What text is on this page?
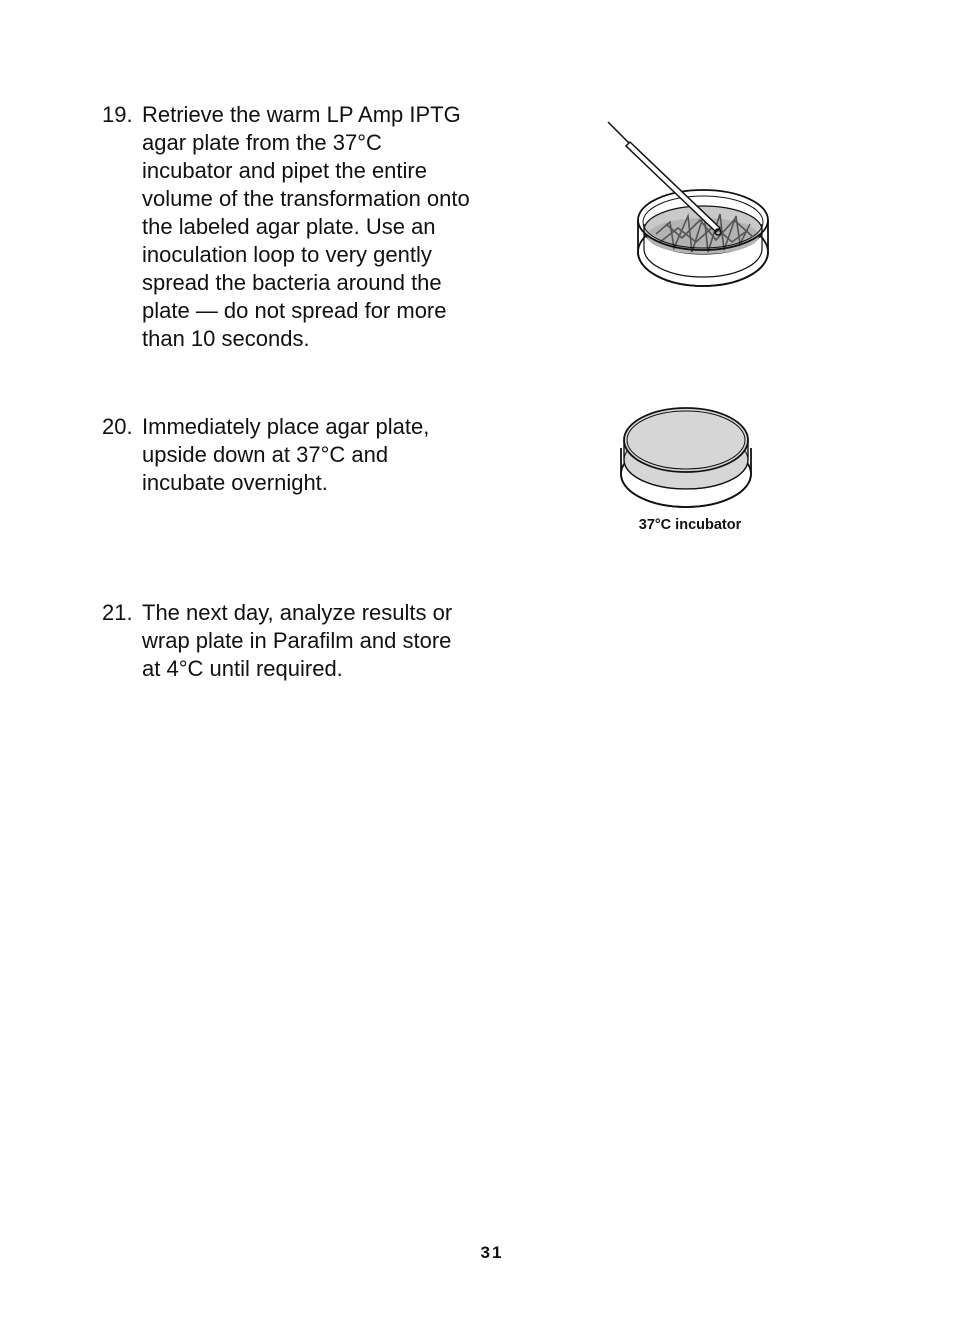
19. Retrieve the warm LP Amp IPTG
agar plate from the 37°C
incubator and pipet the entire
volume of the transformation onto
the labeled agar plate. Use an
inoculation loop to very gently
spread the bacteria around the
plate — do not spread for more
than 10 seconds.
20. Immediately place agar plate,
upside down at 37°C and
incubate overnight.
37°C incubator
21. The next day, analyze results or
wrap plate in Parafilm and store
at 4°C until required.
31
